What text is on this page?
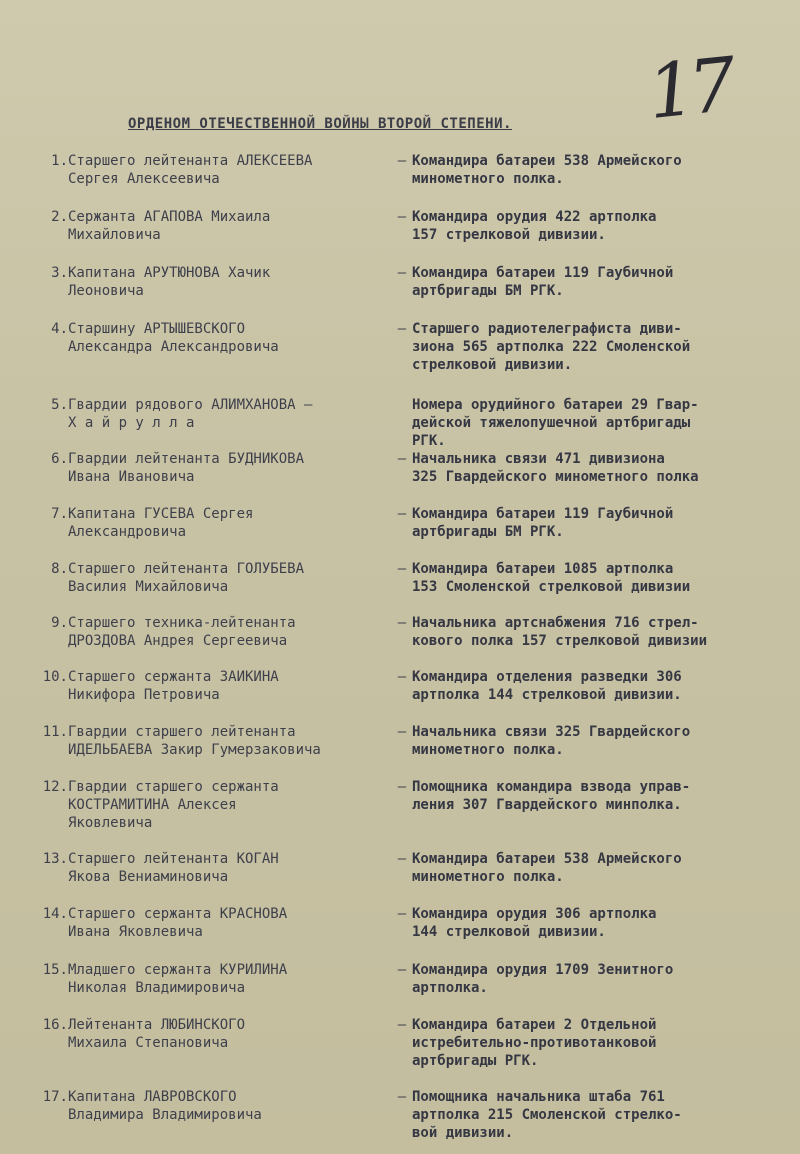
17
ОРДЕНОМ ОТЕЧЕСТВЕННОЙ ВОЙНЫ ВТОРОЙ СТЕПЕНИ.
1. Старшего лейтенанта АЛЕКСЕЕВА
Сергея Алексеевича
– Командира батареи 538 Армейского
минометного полка.
2. Сержанта АГАПОВА Михаила
Михайловича
– Командира орудия 422 артполка
157 стрелковой дивизии.
3. Капитана АРУТЮНОВА Хачик
Леоновича
– Командира батареи 119 Гаубичной
артбригады БМ РГК.
4. Старшину АРТЫШЕВСКОГО
Александра Александровича
– Старшего радиотелеграфиста диви-
зиона 565 артполка 222 Смоленской
стрелковой дивизии.
5. Гвардии рядового АЛИМХАНОВА —
Х а й р у л л а
Номера орудийного батареи 29 Гвар-
дейской тяжелопушечной артбригады
РГК.
6. Гвардии лейтенанта БУДНИКОВА
Ивана Ивановича
– Начальника связи 471 дивизиона
325 Гвардейского минометного полка
7. Капитана ГУСЕВА Сергея
Александровича
– Командира батареи 119 Гаубичной
артбригады БМ РГК.
8. Старшего лейтенанта ГОЛУБЕВА
Василия Михайловича
– Командира батареи 1085 артполка
153 Смоленской стрелковой дивизии
9. Старшего техника-лейтенанта
ДРОЗДОВА Андрея Сергеевича
– Начальника артснабжения 716 стрел-
кового полка 157 стрелковой дивизии
10. Старшего сержанта ЗАИКИНА
Никифора Петровича
– Командира отделения разведки 306
артполка 144 стрелковой дивизии.
11. Гвардии старшего лейтенанта
ИДЕЛЬБАЕВА Закир Гумерзаковича
– Начальника связи 325 Гвардейского
минометного полка.
12. Гвардии старшего сержанта
КОСТРАМИТИНА Алексея
Яковлевича
– Помощника командира взвода управ-
ления 307 Гвардейского минполка.
13. Старшего лейтенанта КОГАН
Якова Вениаминовича
– Командира батареи 538 Армейского
минометного полка.
14. Старшего сержанта КРАСНОВА
Ивана Яковлевича
– Командира орудия 306 артполка
144 стрелковой дивизии.
15. Младшего сержанта КУРИЛИНА
Николая Владимировича
– Командира орудия 1709 Зенитного
артполка.
16. Лейтенанта ЛЮБИНСКОГО
Михаила Степановича
– Командира батареи 2 Отдельной
истребительно-противотанковой
артбригады РГК.
17. Капитана ЛАВРОВСКОГО
Владимира Владимировича
– Помощника начальника штаба 761
артполка 215 Смоленской стрелко-
вой дивизии.
